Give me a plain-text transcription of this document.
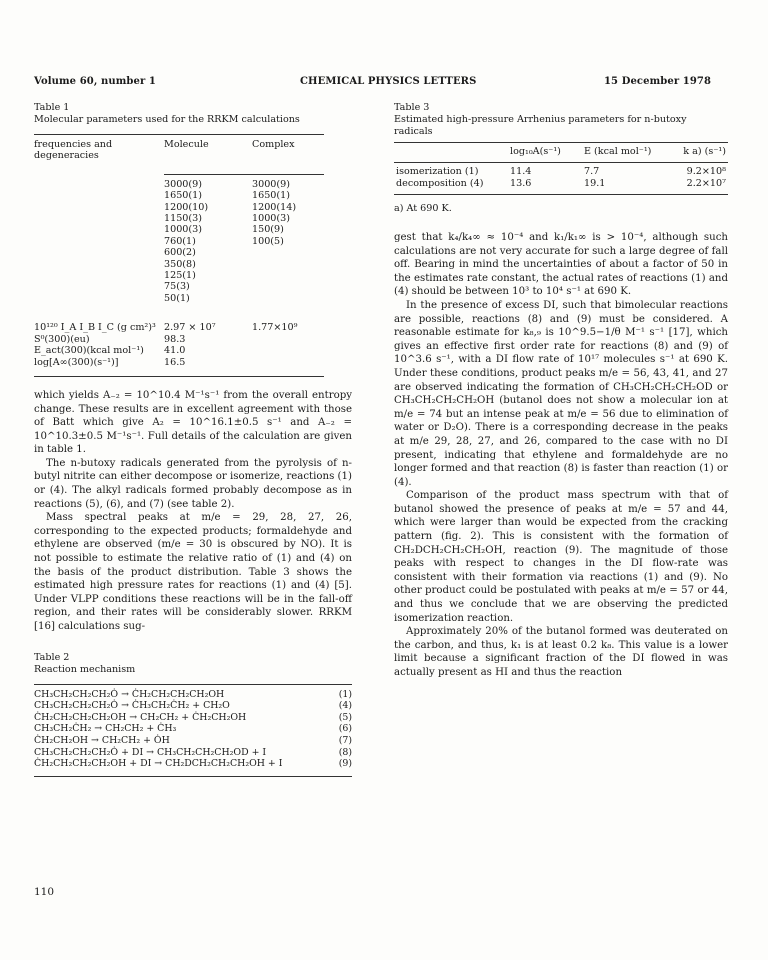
Volume 60, number 1	CHEMICAL PHYSICS LETTERS	15 December 1978
Table 1
Molecular parameters used for the RRKM calculations
frequencies and degeneracies	Molecule	Complex
	3000(9)	3000(9)
	1650(1)	1650(1)
	1200(10)	1200(14)
	1150(3)	1000(3)
	1000(3)	150(9)
	760(1)	100(5)
	600(2)	
	350(8)	
	125(1)	
	75(3)	
	50(1)	
10¹²⁰ I_A I_B I_C (g cm²)³	2.97 × 10⁷	1.77×10⁹
S⁰(300)(eu)	98.3	
E_act(300)(kcal mol⁻¹)	41.0	
log[A∞(300)(s⁻¹)]	16.5	

which yields A₋₂ = 10^10.4 M⁻¹s⁻¹ from the overall entropy change. These results are in excellent agreement with those of Batt which give A₂ = 10^16.1±0.5 s⁻¹ and A₋₂ = 10^10.3±0.5 M⁻¹s⁻¹. Full details of the calculation are given in table 1.

The n-butoxy radicals generated from the pyrolysis of n-butyl nitrite can either decompose or isomerize, reactions (1) or (4). The alkyl radicals formed probably decompose as in reactions (5), (6), and (7) (see table 2).

Mass spectral peaks at m/e = 29, 28, 27, 26, corresponding to the expected products; formaldehyde and ethylene are observed (m/e = 30 is obscured by NO). It is not possible to estimate the relative ratio of (1) and (4) on the basis of the product distribution. Table 3 shows the estimated high pressure rates for reactions (1) and (4) [5]. Under VLPP conditions these reactions will be in the fall-off region, and their rates will be considerably slower. RRKM [16] calculations sug-

Table 2
Reaction mechanism
CH₃CH₂CH₂CH₂Ȯ → ĊH₂CH₂CH₂CH₂OH	(1)
CH₃CH₂CH₂CH₂Ȯ → ĊH₃CH₂ĊH₂ + CH₂O	(4)
ĊH₂CH₂CH₂CH₂OH → CH₂CH₂ + ĊH₂CH₂OH	(5)
CH₃CH₂ĊH₂ → CH₂CH₂ + ĊH₃	(6)
ĊH₂CH₂OH → CH₂CH₂ + ȮH	(7)
CH₃CH₂CH₂CH₂Ȯ + DI → CH₃CH₂CH₂CH₂OD + I	(8)
ĊH₂CH₂CH₂CH₂OH + DI → CH₂DCH₂CH₂CH₂OH + I	(9)
Table 3
Estimated high-pressure Arrhenius parameters for n-butoxy radicals
	log₁₀A(s⁻¹)	E (kcal mol⁻¹)	k a) (s⁻¹)
isomerization (1)	11.4	7.7	9.2×10⁸
decomposition (4)	13.6	19.1	2.2×10⁷
a) At 690 K.

gest that k₄/k₄∞ ≈ 10⁻⁴ and k₁/k₁∞ is > 10⁻⁴, although such calculations are not very accurate for such a large degree of fall off. Bearing in mind the uncertainties of about a factor of 50 in the estimates rate constant, the actual rates of reactions (1) and (4) should be between 10³ to 10⁴ s⁻¹ at 690 K.

In the presence of excess DI, such that bimolecular reactions are possible, reactions (8) and (9) must be considered. A reasonable estimate for k₈,₉ is 10^9.5−1/θ M⁻¹ s⁻¹ [17], which gives an effective first order rate for reactions (8) and (9) of 10^3.6 s⁻¹, with a DI flow rate of 10¹⁷ molecules s⁻¹ at 690 K. Under these conditions, product peaks m/e = 56, 43, 41, and 27 are observed indicating the formation of CH₃CH₂CH₂CH₂OD or CH₃CH₂CH₂CH₂OH (butanol does not show a molecular ion at m/e = 74 but an intense peak at m/e = 56 due to elimination of water or D₂O). There is a corresponding decrease in the peaks at m/e 29, 28, 27, and 26, compared to the case with no DI present, indicating that ethylene and formaldehyde are no longer formed and that reaction (8) is faster than reaction (1) or (4).

Comparison of the product mass spectrum with that of butanol showed the presence of peaks at m/e = 57 and 44, which were larger than would be expected from the cracking pattern (fig. 2). This is consistent with the formation of CH₂DCH₂CH₂CH₂OH, reaction (9). The magnitude of those peaks with respect to changes in the DI flow-rate was consistent with their formation via reactions (1) and (9). No other product could be postulated with peaks at m/e = 57 or 44, and thus we conclude that we are observing the predicted isomerization reaction.

Approximately 20% of the butanol formed was deuterated on the carbon, and thus, k₁ is at least 0.2 k₈. This value is a lower limit because a significant fraction of the DI flowed in was actually present as HI and thus the reaction

110
